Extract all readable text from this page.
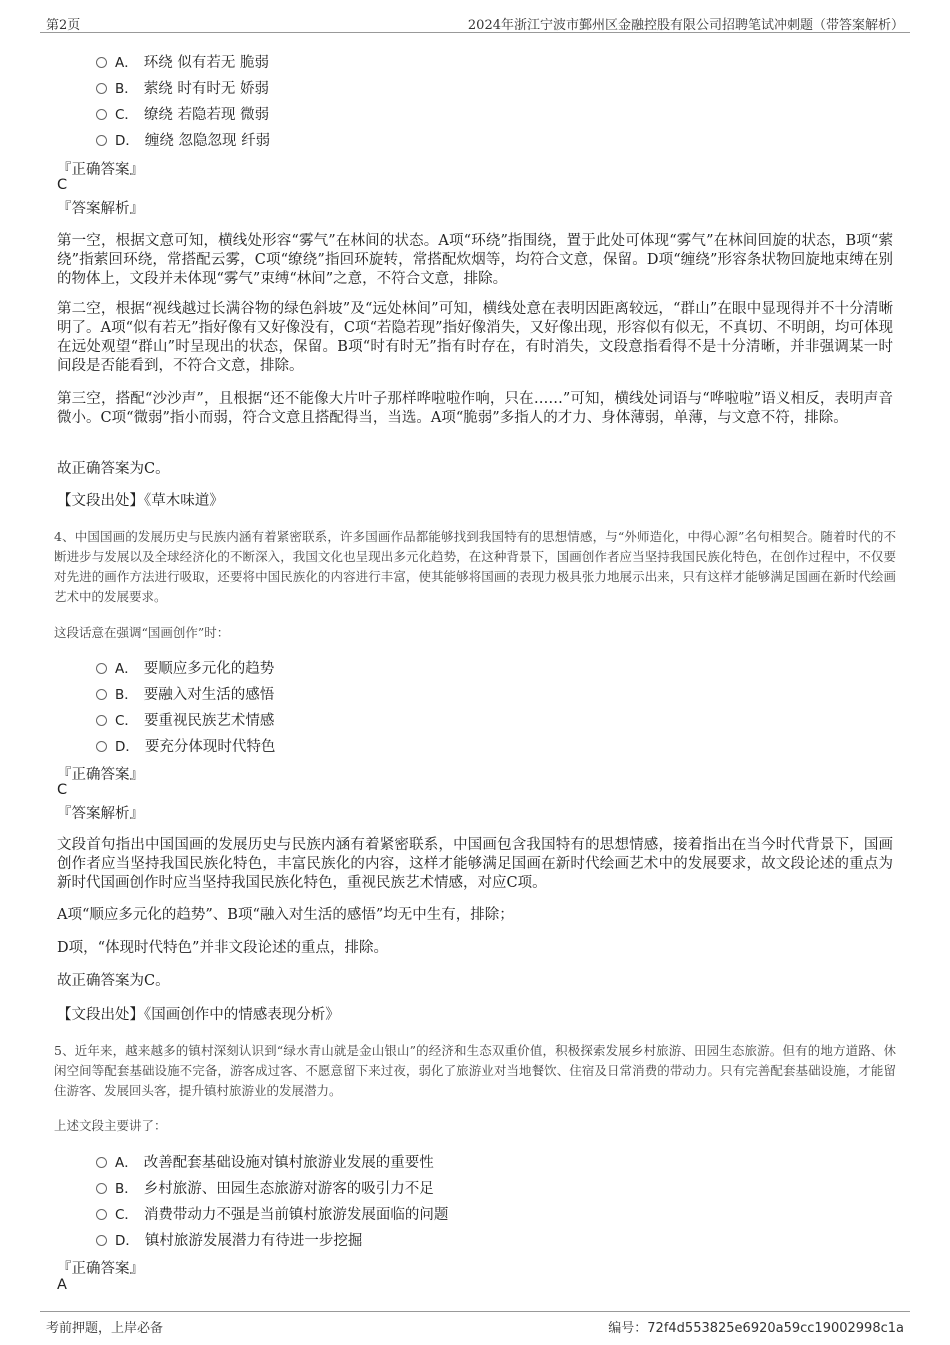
第2页	2024年浙江宁波市鄞州区金融控股有限公司招聘笔试冲刺题（带答案解析）
A． 环绕 似有若无 脆弱
B． 萦绕 时有时无 娇弱
C． 缭绕 若隐若现 微弱
D． 缠绕 忽隐忽现 纤弱
『正确答案』
C
『答案解析』

第一空，根据文意可知，横线处形容“雾气”在林间的状态。A项“环绕”指围绕，置于此处可体现“雾气”在林间回旋的状态，B项“萦绕”指萦回环绕，常搭配云雾，C项“缭绕”指回环旋转，常搭配炊烟等，均符合文意，保留。D项“缠绕”形容条状物回旋地束缚在别的物体上，文段并未体现“雾气”束缚“林间”之意，不符合文意，排除。

第二空，根据“视线越过长满谷物的绿色斜坡”及“远处林间”可知，横线处意在表明因距离较远，“群山”在眼中显现得并不十分清晰明了。A项“似有若无”指好像有又好像没有，C项“若隐若现”指好像消失，又好像出现，形容似有似无，不真切、不明朗，均可体现在远处观望“群山”时呈现出的状态，保留。B项“时有时无”指有时存在，有时消失，文段意指看得不是十分清晰，并非强调某一时间段是否能看到，不符合文意，排除。

第三空，搭配“沙沙声”，且根据“还不能像大片叶子那样哗啦啦作响，只在……”可知，横线处词语与“哗啦啦”语义相反，表明声音微小。C项“微弱”指小而弱，符合文意且搭配得当，当选。A项“脆弱”多指人的才力、身体薄弱，单薄，与文意不符，排除。

故正确答案为C。

【文段出处】《草木味道》

4、中国国画的发展历史与民族内涵有着紧密联系，许多国画作品都能够找到我国特有的思想情感，与“外师造化，中得心源”名句相契合。随着时代的不断进步与发展以及全球经济化的不断深入，我国文化也呈现出多元化趋势，在这种背景下，国画创作者应当坚持我国民族化特色，在创作过程中，不仅要对先进的画作方法进行吸取，还要将中国民族化的内容进行丰富，使其能够将国画的表现力极具张力地展示出来，只有这样才能够满足国画在新时代绘画艺术中的发展要求。

这段话意在强调“国画创作”时：
A． 要顺应多元化的趋势
B． 要融入对生活的感悟
C． 要重视民族艺术情感
D． 要充分体现时代特色
『正确答案』
C
『答案解析』

文段首句指出中国国画的发展历史与民族内涵有着紧密联系，中国画包含我国特有的思想情感，接着指出在当今时代背景下，国画创作者应当坚持我国民族化特色，丰富民族化的内容，这样才能够满足国画在新时代绘画艺术中的发展要求，故文段论述的重点为新时代国画创作时应当坚持我国民族化特色，重视民族艺术情感，对应C项。

A项“顺应多元化的趋势”、B项“融入对生活的感悟”均无中生有，排除；

D项，“体现时代特色”并非文段论述的重点，排除。

故正确答案为C。

【文段出处】《国画创作中的情感表现分析》

5、近年来，越来越多的镇村深刻认识到“绿水青山就是金山银山”的经济和生态双重价值，积极探索发展乡村旅游、田园生态旅游。但有的地方道路、休闲空间等配套基础设施不完备，游客成过客、不愿意留下来过夜，弱化了旅游业对当地餐饮、住宿及日常消费的带动力。只有完善配套基础设施，才能留住游客、发展回头客，提升镇村旅游业的发展潜力。

上述文段主要讲了：
A． 改善配套基础设施对镇村旅游业发展的重要性
B． 乡村旅游、田园生态旅游对游客的吸引力不足
C． 消费带动力不强是当前镇村旅游发展面临的问题
D． 镇村旅游发展潜力有待进一步挖掘
『正确答案』
A
考前押题，上岸必备	编号：72f4d553825e6920a59cc19002998c1a
